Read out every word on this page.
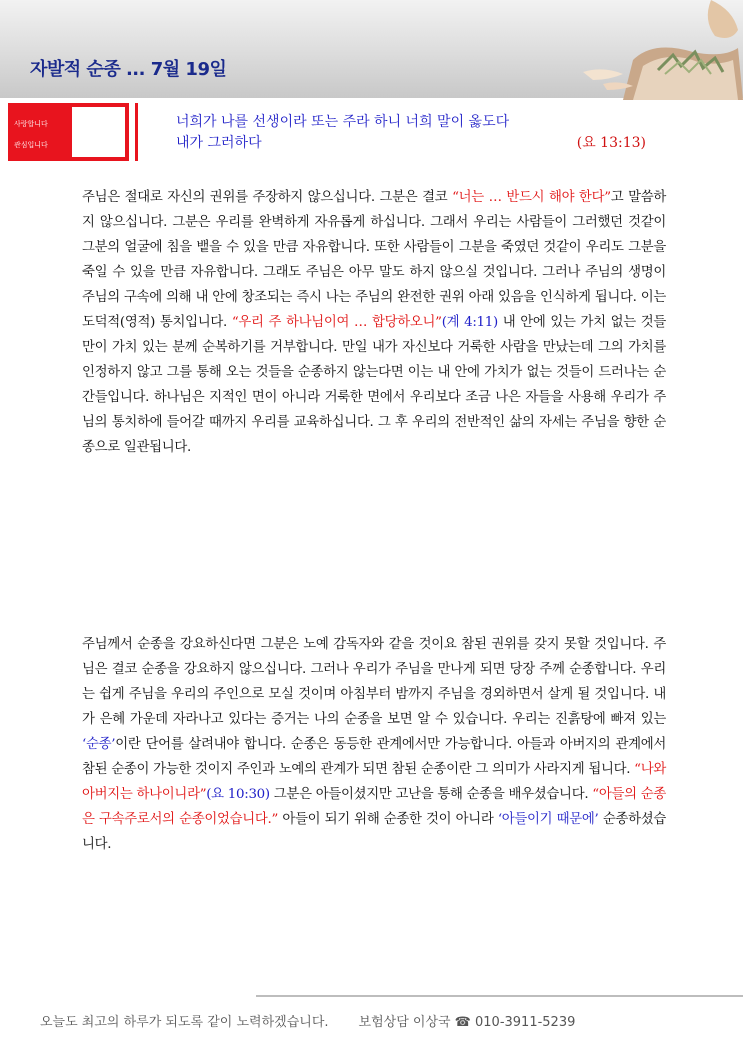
자발적 순종 ... 7월 19일
사랑합니다
관심입니다
너희가 나를 선생이라 또는 주라 하니 너희 말이 옳도다
내가 그러하다	(요 13:13)

주님은 절대로 자신의 권위를 주장하지 않으십니다. 그분은 결코 “너는 … 반드시 해야 한다”고 말씀하지 않으십니다. 그분은 우리를 완벽하게 자유롭게 하십니다. 그래서 우리는 사람들이 그러했던 것같이 그분의 얼굴에 침을 뱉을 수 있을 만큼 자유합니다. 또한 사람들이 그분을 죽였던 것같이 우리도 그분을 죽일 수 있을 만큼 자유합니다. 그래도 주님은 아무 말도 하지 않으실 것입니다. 그러나 주님의 생명이 주님의 구속에 의해 내 안에 창조되는 즉시 나는 주님의 완전한 권위 아래 있음을 인식하게 됩니다. 이는 도덕적(영적) 통치입니다. “우리 주 하나님이여 … 합당하오니”(계 4:11) 내 안에 있는 가치 없는 것들만이 가치 있는 분께 순복하기를 거부합니다. 만일 내가 자신보다 거룩한 사람을 만났는데 그의 가치를 인정하지 않고 그를 통해 오는 것들을 순종하지 않는다면 이는 내 안에 가치가 없는 것들이 드러나는 순간들입니다. 하나님은 지적인 면이 아니라 거룩한 면에서 우리보다 조금 나은 자들을 사용해 우리가 주님의 통치하에 들어갈 때까지 우리를 교육하십니다. 그 후 우리의 전반적인 삶의 자세는 주님을 향한 순종으로 일관됩니다.

주님께서 순종을 강요하신다면 그분은 노예 감독자와 같을 것이요 참된 권위를 갖지 못할 것입니다. 주님은 결코 순종을 강요하지 않으십니다. 그러나 우리가 주님을 만나게 되면 당장 주께 순종합니다. 우리는 쉽게 주님을 우리의 주인으로 모실 것이며 아침부터 밤까지 주님을 경외하면서 살게 될 것입니다. 내가 은혜 가운데 자라나고 있다는 증거는 나의 순종을 보면 알 수 있습니다. 우리는 진흙탕에 빠져 있는 ‘순종’이란 단어를 살려내야 합니다. 순종은 동등한 관계에서만 가능합니다. 아들과 아버지의 관계에서 참된 순종이 가능한 것이지 주인과 노예의 관계가 되면 참된 순종이란 그 의미가 사라지게 됩니다. “나와 아버지는 하나이니라”(요 10:30) 그분은 아들이셨지만 고난을 통해 순종을 배우셨습니다. “아들의 순종은 구속주로서의 순종이었습니다.” 아들이 되기 위해 순종한 것이 아니라 ‘아들이기 때문에’ 순종하셨습니다.

오늘도 최고의 하루가 되도록 같이 노력하겠습니다. 보험상담 이상국 ☎ 010-3911-5239
